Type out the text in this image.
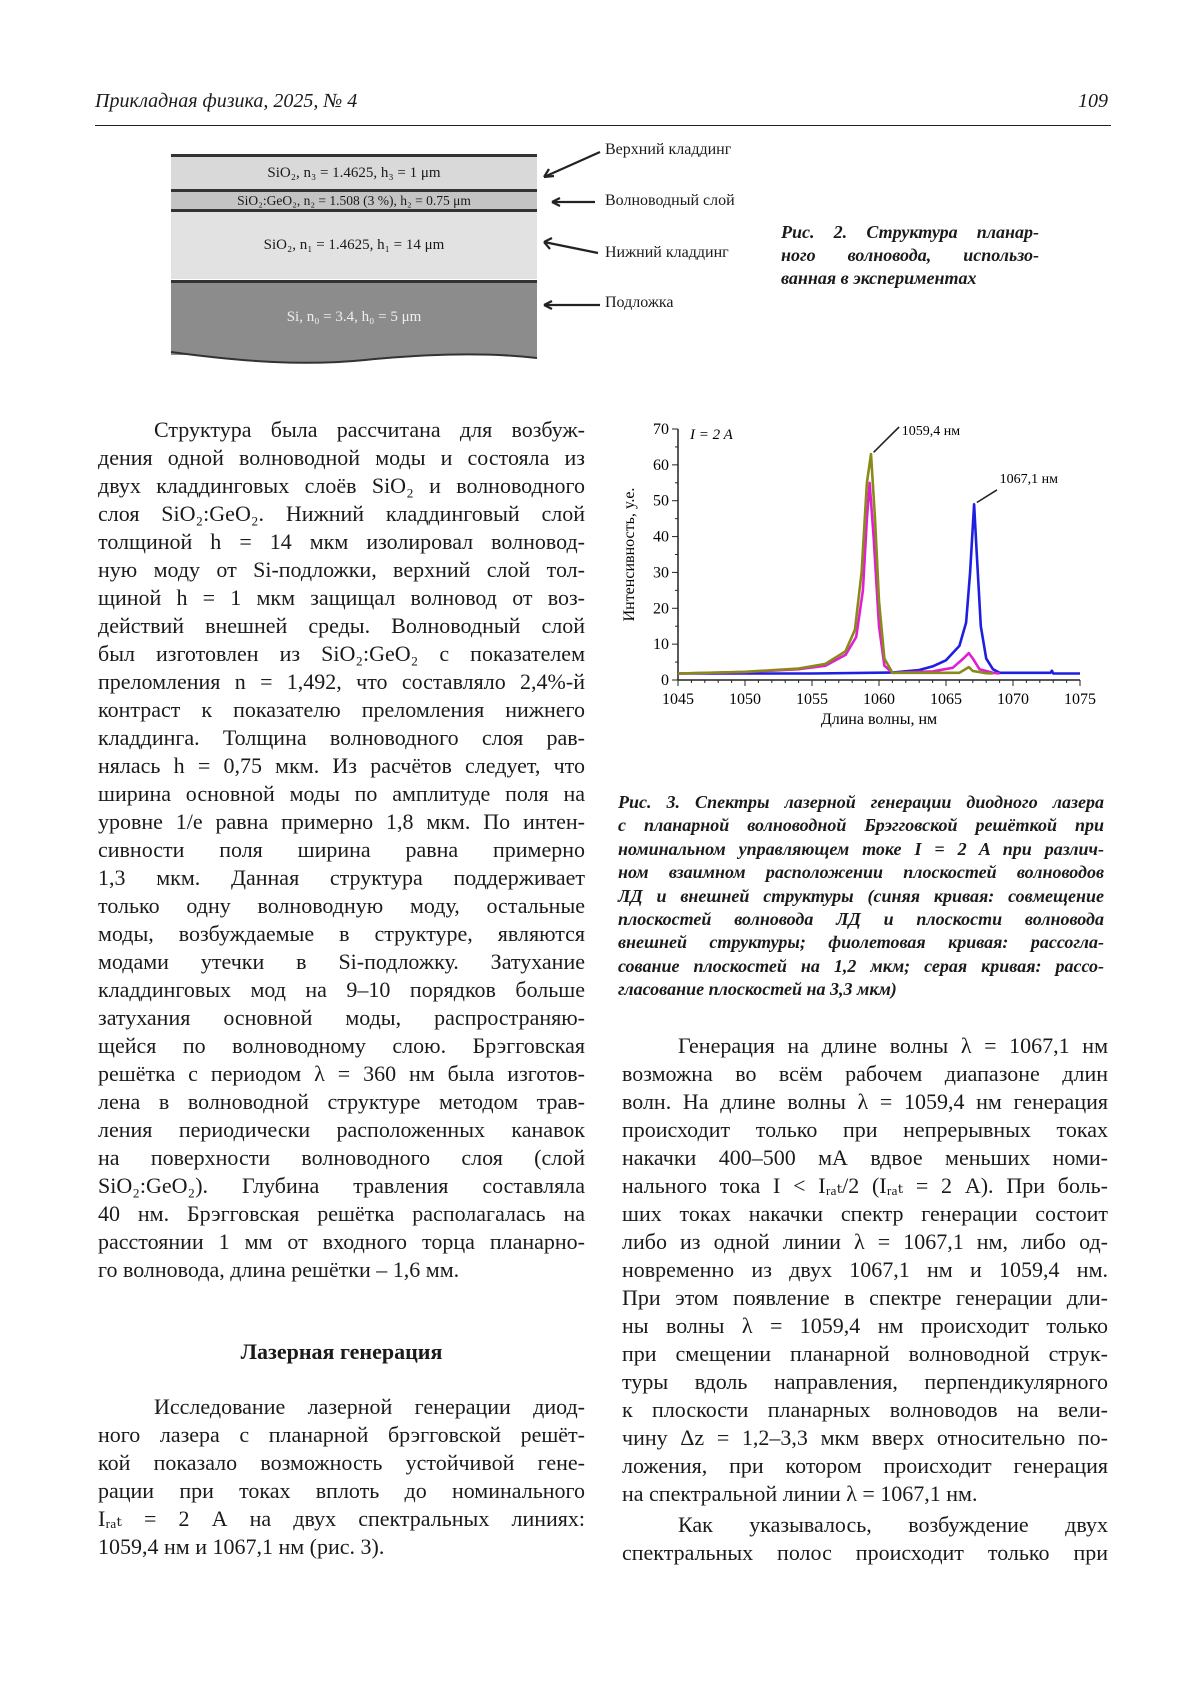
Прикладная физика, 2025, № 4	109
SiO₂, n₃ = 1.4625, h₃ = 1 μm
SiO₂:GeO₂, n₂ = 1.508 (3 %), h₂ = 0.75 μm
SiO₂, n₁ = 1.4625, h₁ = 14 μm
Si, n₀ = 3.4, h₀ = 5 μm
Верхний кладдинг
Волноводный слой
Нижний кладдинг
Подложка
Рис. 2. Структура планар-
ного волновода, использо-
ванная в экспериментах
Структура была рассчитана для возбуж-
дения одной волноводной моды и состояла из
двух кладдинговых слоёв SiO₂ и волноводного
слоя SiO₂:GeO₂. Нижний кладдинговый слой
толщиной h = 14 мкм изолировал волновод-
ную моду от Si-подложки, верхний слой тол-
щиной h = 1 мкм защищал волновод от воз-
действий внешней среды. Волноводный слой
был изготовлен из SiO₂:GeO₂ с показателем
преломления n = 1,492, что составляло 2,4%-й
контраст к показателю преломления нижнего
кладдинга. Толщина волноводного слоя рав-
нялась h = 0,75 мкм. Из расчётов следует, что
ширина основной моды по амплитуде поля на
уровне 1/e равна примерно 1,8 мкм. По интен-
сивности поля ширина равна примерно
1,3 мкм. Данная структура поддерживает
только одну волноводную моду, остальные
моды, возбуждаемые в структуре, являются
модами утечки в Si-подложку. Затухание
кладдинговых мод на 9–10 порядков больше
затухания основной моды, распространяю-
щейся по волноводному слою. Брэгговская
решётка с периодом λ = 360 нм была изготов-
лена в волноводной структуре методом трав-
ления периодически расположенных канавок
на поверхности волноводного слоя (слой
SiO₂:GeO₂). Глубина травления составляла
40 нм. Брэгговская решётка располагалась на
расстоянии 1 мм от входного торца планарно-
го волновода, длина решётки – 1,6 мм.
Лазерная генерация
Исследование лазерной генерации диод-
ного лазера с планарной брэгговской решёт-
кой показало возможность устойчивой гене-
рации при токах вплоть до номинального
Iᵣₐₜ = 2 А на двух спектральных линиях:
1059,4 нм и 1067,1 нм (рис. 3).
1045 1050 1055 1060 1065 1070 1075
0
10
20
30
40
50
60
70
Длина волны, нм
Интенсивность, у.е.
I = 2 A	1059,4 нм
1067,1 нм
Рис. 3. Спектры лазерной генерации диодного лазера
с планарной волноводной Брэгговской решёткой при
номинальном управляющем токе I = 2 A при различ-
ном взаимном расположении плоскостей волноводов
ЛД и внешней структуры (синяя кривая: совмещение
плоскостей волновода ЛД и плоскости волновода
внешней структуры; фиолетовая кривая: рассогла-
сование плоскостей на 1,2 мкм; серая кривая: рассо-
гласование плоскостей на 3,3 мкм)
Генерация на длине волны λ = 1067,1 нм
возможна во всём рабочем диапазоне длин
волн. На длине волны λ = 1059,4 нм генерация
происходит только при непрерывных токах
накачки 400–500 мА вдвое меньших номи-
нального тока I < Iᵣₐₜ/2 (Iᵣₐₜ = 2 А). При боль-
ших токах накачки спектр генерации состоит
либо из одной линии λ = 1067,1 нм, либо од-
новременно из двух 1067,1 нм и 1059,4 нм.
При этом появление в спектре генерации дли-
ны волны λ = 1059,4 нм происходит только
при смещении планарной волноводной струк-
туры вдоль направления, перпендикулярного
к плоскости планарных волноводов на вели-
чину Δz = 1,2–3,3 мкм вверх относительно по-
ложения, при котором происходит генерация
на спектральной линии λ = 1067,1 нм.
Как указывалось, возбуждение двух
спектральных полос происходит только при
